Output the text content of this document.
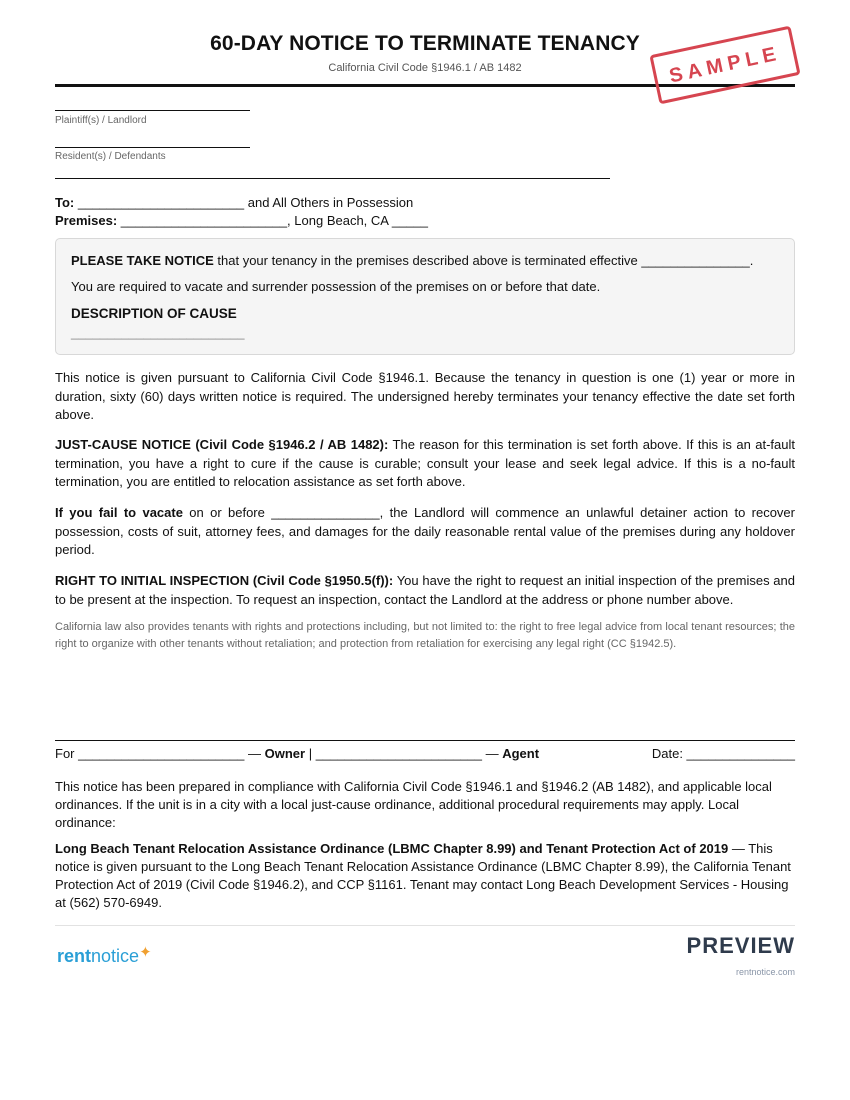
60-DAY NOTICE TO TERMINATE TENANCY
California Civil Code §1946.1 / AB 1482	SAMPLE
Plaintiff(s) / Landlord
Resident(s) / Defendants
To: _______________________ and All Others in Possession
Premises: _______________________, Long Beach, CA _____
PLEASE TAKE NOTICE that your tenancy in the premises described above is terminated effective _______________.
You are required to vacate and surrender possession of the premises on or before that date.
DESCRIPTION OF CAUSE
________________________
This notice is given pursuant to California Civil Code §1946.1. Because the tenancy in question is one (1) year or more in duration, sixty (60) days written notice is required. The undersigned hereby terminates your tenancy effective the date set forth above.
JUST-CAUSE NOTICE (Civil Code §1946.2 / AB 1482): The reason for this termination is set forth above. If this is an at-fault termination, you have a right to cure if the cause is curable; consult your lease and seek legal advice. If this is a no-fault termination, you are entitled to relocation assistance as set forth above.
If you fail to vacate on or before _______________, the Landlord will commence an unlawful detainer action to recover possession, costs of suit, attorney fees, and damages for the daily reasonable rental value of the premises during any holdover period.
RIGHT TO INITIAL INSPECTION (Civil Code §1950.5(f)): You have the right to request an initial inspection of the premises and to be present at the inspection. To request an inspection, contact the Landlord at the address or phone number above.
California law also provides tenants with rights and protections including, but not limited to: the right to free legal advice from local tenant resources; the right to organize with other tenants without retaliation; and protection from retaliation for exercising any legal right (CC §1942.5).
For _______________________ — Owner | _______________________ — Agent	Date: _______________
This notice has been prepared in compliance with California Civil Code §1946.1 and §1946.2 (AB 1482), and applicable local ordinances. If the unit is in a city with a local just-cause ordinance, additional procedural requirements may apply. Local ordinance:
Long Beach Tenant Relocation Assistance Ordinance (LBMC Chapter 8.99) and Tenant Protection Act of 2019 — This notice is given pursuant to the Long Beach Tenant Relocation Assistance Ordinance (LBMC Chapter 8.99), the California Tenant Protection Act of 2019 (Civil Code §1946.2), and CCP §1161. Tenant may contact Long Beach Development Services - Housing at (562) 570-6949.
rentnotice✦	PREVIEW
rentnotice.com
